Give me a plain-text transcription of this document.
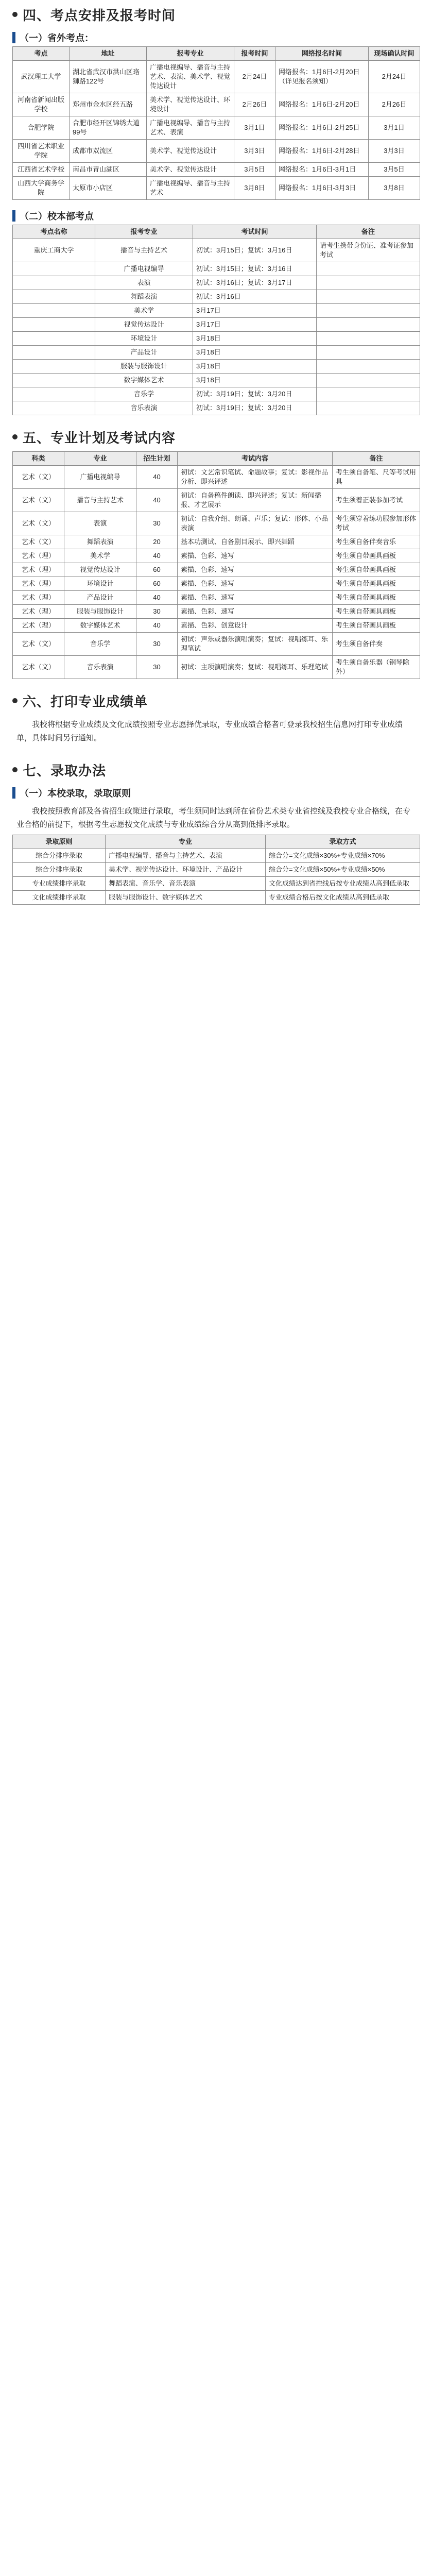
四、考点安排及报考时间
（一）省外考点：
考点	地址	报考专业	报考时间	网络报名时间	现场确认时间
武汉理工大学	湖北省武汉市洪山区珞狮路122号	广播电视编导、播音与主持艺术、表演、美术学、视觉传达设计	2月24日	网络报名：1月6日-2月20日（详见报名须知）	2月24日
河南省新闻出版学校	郑州市金水区经五路	美术学、视觉传达设计、环境设计	2月26日	网络报名：1月6日-2月20日	2月26日
合肥学院	合肥市经开区锦绣大道99号	广播电视编导、播音与主持艺术、表演	3月1日	网络报名：1月6日-2月25日	3月1日
四川省艺术职业学院	成都市双流区	美术学、视觉传达设计	3月3日	网络报名：1月6日-2月28日	3月3日
江西省艺术学校	南昌市青山湖区	美术学、视觉传达设计	3月5日	网络报名：1月6日-3月1日	3月5日
山西大学商务学院	太原市小店区	广播电视编导、播音与主持艺术	3月8日	网络报名：1月6日-3月3日	3月8日
（二）校本部考点
考点名称	报考专业	考试时间	备注
重庆工商大学	播音与主持艺术	初试：3月15日；复试：3月16日	请考生携带身份证、准考证参加考试
	广播电视编导	初试：3月15日；复试：3月16日	
	表演	初试：3月16日；复试：3月17日	
	舞蹈表演	初试：3月16日	
	美术学	3月17日	
	视觉传达设计	3月17日	
	环境设计	3月18日	
	产品设计	3月18日	
	服装与服饰设计	3月18日	
	数字媒体艺术	3月18日	
	音乐学	初试：3月19日；复试：3月20日	
	音乐表演	初试：3月19日；复试：3月20日	
五、专业计划及考试内容
科类	专业	招生计划	考试内容	备注
艺术（文）	广播电视编导	40	初试：文艺常识笔试、命题故事；复试：影视作品分析、即兴评述	考生须自备笔、尺等考试用具
艺术（文）	播音与主持艺术	40	初试：自备稿件朗读、即兴评述；复试：新闻播报、才艺展示	考生须着正装参加考试
艺术（文）	表演	30	初试：自我介绍、朗诵、声乐；复试：形体、小品表演	考生须穿着练功服参加形体考试
艺术（文）	舞蹈表演	20	基本功测试、自备剧目展示、即兴舞蹈	考生须自备伴奏音乐
艺术（理）	美术学	40	素描、色彩、速写	考生须自带画具画板
艺术（理）	视觉传达设计	60	素描、色彩、速写	考生须自带画具画板
艺术（理）	环境设计	60	素描、色彩、速写	考生须自带画具画板
艺术（理）	产品设计	40	素描、色彩、速写	考生须自带画具画板
艺术（理）	服装与服饰设计	30	素描、色彩、速写	考生须自带画具画板
艺术（理）	数字媒体艺术	40	素描、色彩、创意设计	考生须自带画具画板
艺术（文）	音乐学	30	初试：声乐或器乐演唱演奏；复试：视唱练耳、乐理笔试	考生须自备伴奏
艺术（文）	音乐表演	30	初试：主项演唱演奏；复试：视唱练耳、乐理笔试	考生须自备乐器（钢琴除外）
六、打印专业成绩单

我校将根据专业成绩及文化成绩按照专业志愿择优录取，专业成绩合格者可登录我校招生信息网打印专业成绩单，具体时间另行通知。

七、录取办法
（一）本校录取，录取原则

我校按照教育部及各省招生政策进行录取，考生须同时达到所在省份艺术类专业省控线及我校专业合格线，在专业合格的前提下，根据考生志愿按文化成绩与专业成绩综合分从高到低排序录取。

录取原则	专业	录取方式
综合分排序录取	广播电视编导、播音与主持艺术、表演	综合分=文化成绩×30%+专业成绩×70%
综合分排序录取	美术学、视觉传达设计、环境设计、产品设计	综合分=文化成绩×50%+专业成绩×50%
专业成绩排序录取	舞蹈表演、音乐学、音乐表演	文化成绩达到省控线后按专业成绩从高到低录取
文化成绩排序录取	服装与服饰设计、数字媒体艺术	专业成绩合格后按文化成绩从高到低录取
